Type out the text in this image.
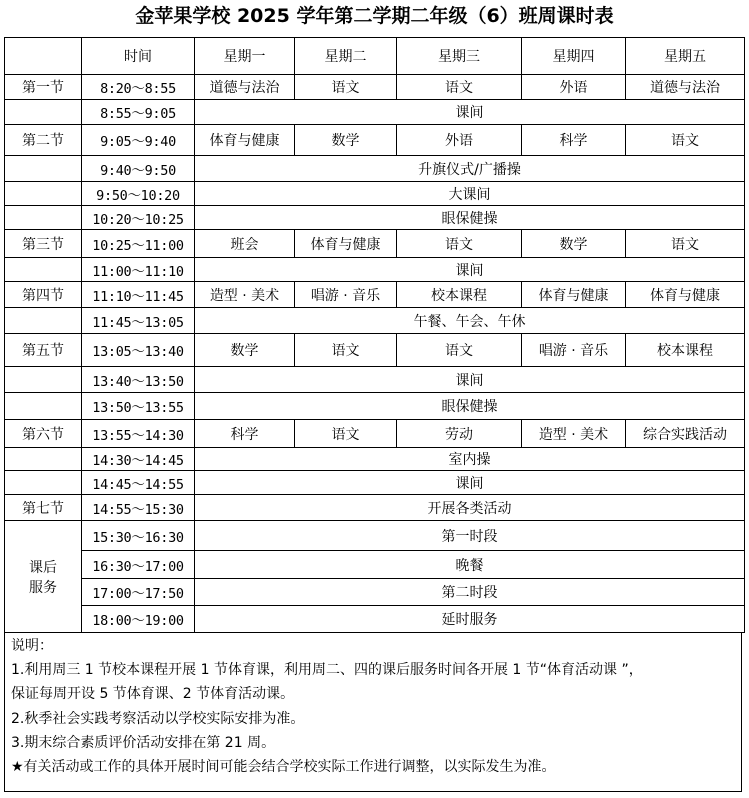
金苹果学校 2025 学年第二学期二年级（6）班周课时表
	时间	星期一	星期二	星期三	星期四	星期五
第一节	8:20～8:55	道德与法治	语文	语文	外语	道德与法治
	8:55～9:05	课间				
第二节	9:05～9:40	体育与健康	数学	外语	科学	语文
	9:40～9:50	升旗仪式/广播操				
	9:50～10:20	大课间				
	10:20～10:25	眼保健操				
第三节	10:25～11:00	班会	体育与健康	语文	数学	语文
	11:00～11:10	课间				
第四节	11:10～11:45	造型 · 美术	唱游 · 音乐	校本课程	体育与健康	体育与健康
	11:45～13:05	午餐、午会、午休				
第五节	13:05～13:40	数学	语文	语文	唱游 · 音乐	校本课程
	13:40～13:50	课间				
	13:50～13:55	眼保健操				
第六节	13:55～14:30	科学	语文	劳动	造型 · 美术	综合实践活动
	14:30～14:45	室内操				
	14:45～14:55	课间				
第七节	14:55～15:30	开展各类活动				

课后
服务	15:30～16:30	第一时段				
	16:30～17:00	晚餐				
	17:00～17:50	第二时段				
	18:00～19:00	延时服务				
说明：
1.利用周三 1 节校本课程开展 1 节体育课，利用周二、四的课后服务时间各开展 1 节“体育活动课 ”，
保证每周开设 5 节体育课、2 节体育活动课。
2.秋季社会实践考察活动以学校实际安排为准。
3.期末综合素质评价活动安排在第 21 周。
★有关活动或工作的具体开展时间可能会结合学校实际工作进行调整，以实际发生为准。
